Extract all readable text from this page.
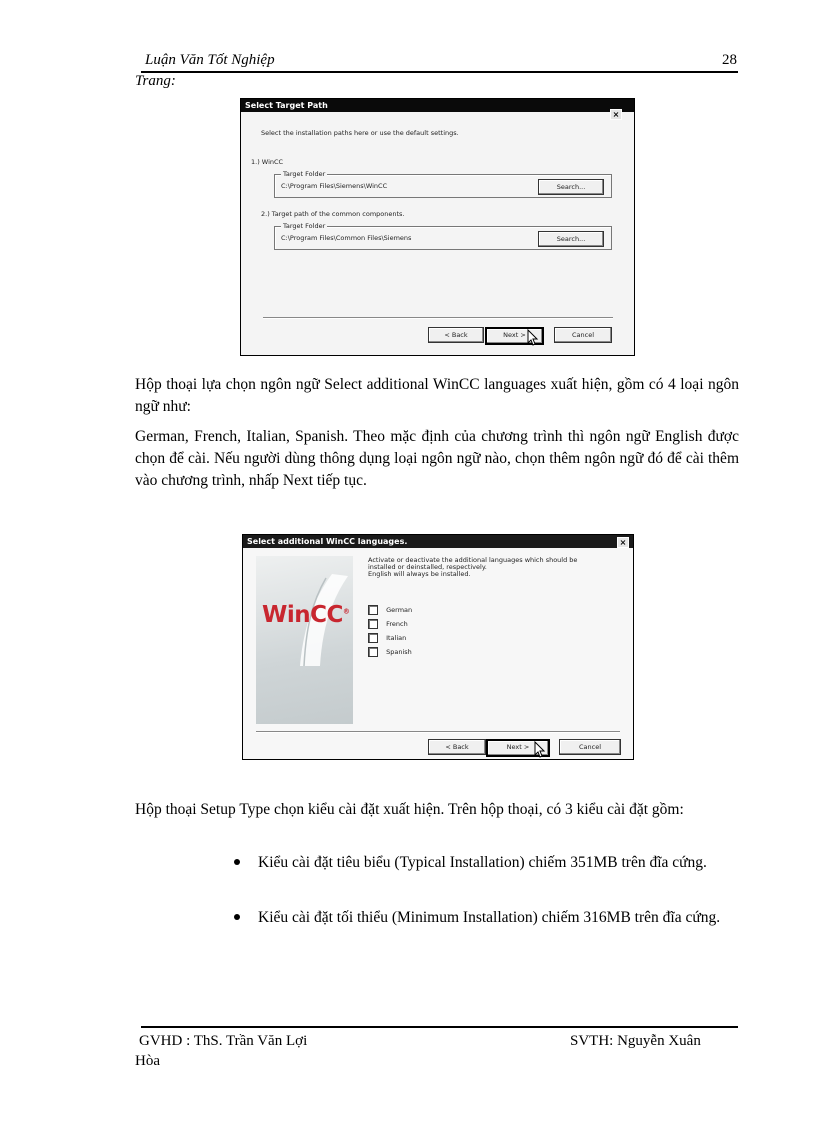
Luận Văn Tốt Nghiệp	28
Trang:
Select Target Path
×
Select the installation paths here or use the default settings.
1.) WinCC
Target Folder
C:\Program Files\Siemens\WinCC	Search...
2.) Target path of the common components.
Target Folder
C:\Program Files\Common Files\Siemens	Search...
< Back	Next >	Cancel
Hộp thoại lựa chọn ngôn ngữ Select additional WinCC languages xuất hiện, gồm có 4 loại ngôn ngữ như:
German, French, Italian, Spanish. Theo mặc định của chương trình thì ngôn ngữ English được chọn để cài. Nếu người dùng thông dụng loại ngôn ngữ nào, chọn thêm ngôn ngữ đó để cài thêm vào chương trình, nhấp Next tiếp tục.
Select additional WinCC languages.	×
WinCC®
Activate or deactivate the additional languages which should be
installed or deinstalled, respectively.
English will always be installed.
German
French
Italian
Spanish
< Back	Next >	Cancel
Hộp thoại Setup Type chọn kiểu cài đặt xuất hiện. Trên hộp thoại, có 3 kiểu cài đặt gồm:
Kiểu cài đặt tiêu biểu (Typical Installation) chiếm 351MB trên đĩa cứng.
Kiểu cài đặt tối thiểu (Minimum Installation) chiếm 316MB trên đĩa cứng.
GVHD : ThS. Trần Văn Lợi
Hòa
SVTH: Nguyễn Xuân
